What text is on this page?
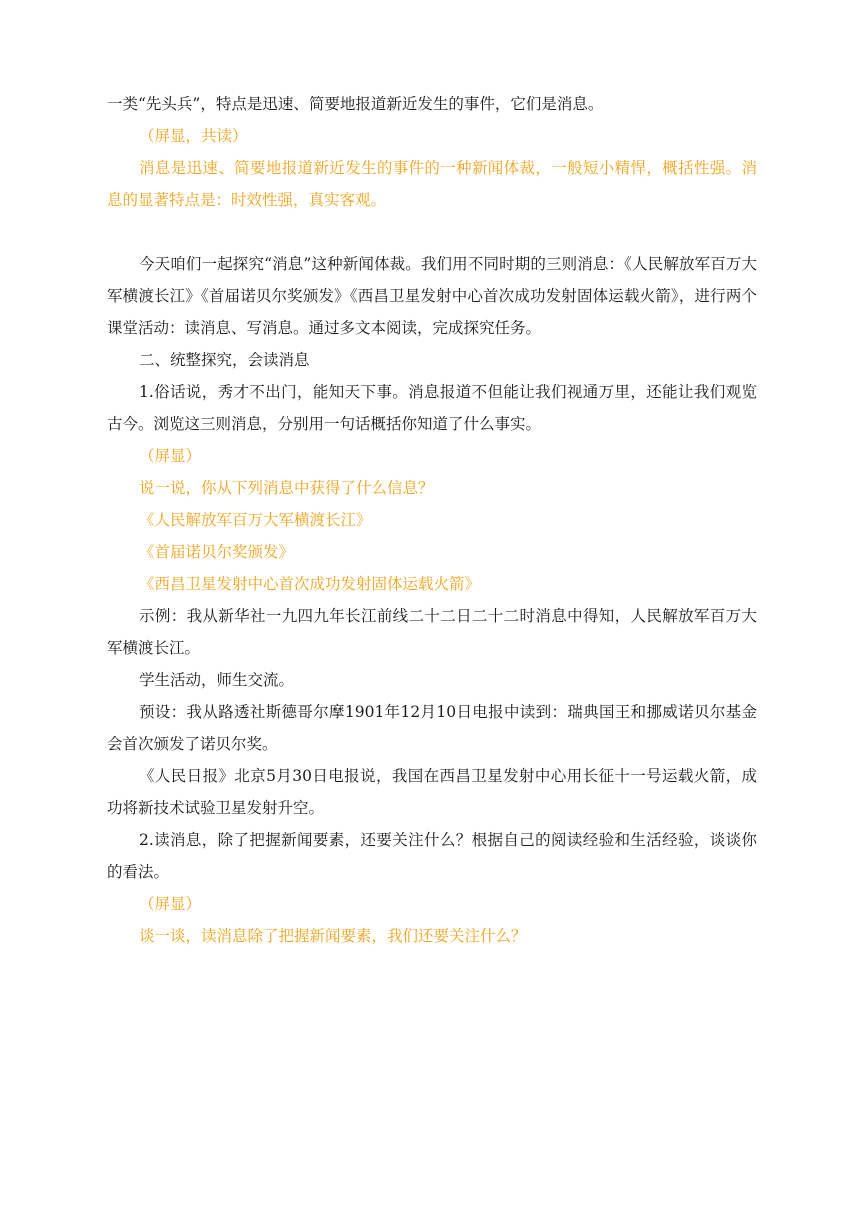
一类“先头兵”，特点是迅速、简要地报道新近发生的事件，它们是消息。

（屏显，共读）

消息是迅速、简要地报道新近发生的事件的一种新闻体裁，一般短小精悍，概括性强。消息的显著特点是：时效性强，真实客观。

今天咱们一起探究“消息”这种新闻体裁。我们用不同时期的三则消息：《人民解放军百万大军横渡长江》《首届诺贝尔奖颁发》《西昌卫星发射中心首次成功发射固体运载火箭》，进行两个课堂活动：读消息、写消息。通过多文本阅读，完成探究任务。

二、统整探究，会读消息

1.俗话说，秀才不出门，能知天下事。消息报道不但能让我们视通万里，还能让我们观览古今。浏览这三则消息，分别用一句话概括你知道了什么事实。

（屏显）

说一说，你从下列消息中获得了什么信息？

《人民解放军百万大军横渡长江》

《首届诺贝尔奖颁发》

《西昌卫星发射中心首次成功发射固体运载火箭》

示例：我从新华社一九四九年长江前线二十二日二十二时消息中得知，人民解放军百万大军横渡长江。

学生活动，师生交流。

预设：我从路透社斯德哥尔摩1901年12月10日电报中读到：瑞典国王和挪威诺贝尔基金会首次颁发了诺贝尔奖。

《人民日报》北京5月30日电报说，我国在西昌卫星发射中心用长征十一号运载火箭，成功将新技术试验卫星发射升空。

2.读消息，除了把握新闻要素，还要关注什么？根据自己的阅读经验和生活经验，谈谈你的看法。

（屏显）

谈一谈，读消息除了把握新闻要素，我们还要关注什么？
